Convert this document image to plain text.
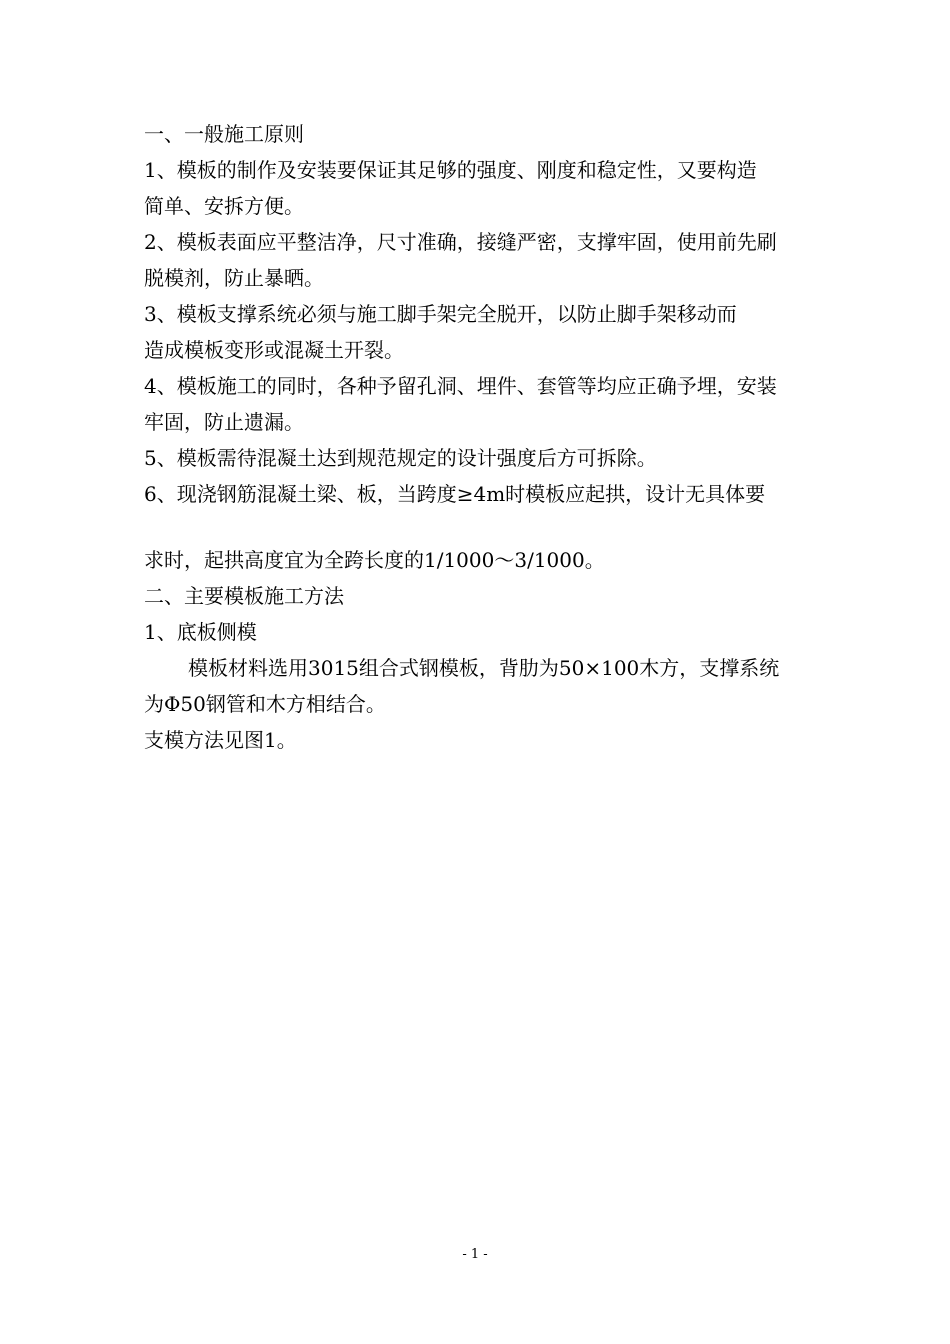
一、一般施工原则
1、模板的制作及安装要保证其足够的强度、刚度和稳定性，又要构造
简单、安拆方便。
2、模板表面应平整洁净，尺寸准确，接缝严密，支撑牢固，使用前先刷
脱模剂，防止暴晒。
3、模板支撑系统必须与施工脚手架完全脱开，以防止脚手架移动而
造成模板变形或混凝土开裂。
4、模板施工的同时，各种予留孔洞、埋件、套管等均应正确予埋，安装
牢固，防止遗漏。
5、模板需待混凝土达到规范规定的设计强度后方可拆除。
6、现浇钢筋混凝土梁、板，当跨度≥4m时模板应起拱，设计无具体要
求时，起拱高度宜为全跨长度的1/1000～3/1000。
二、主要模板施工方法
1、底板侧模
模板材料选用3015组合式钢模板，背肋为50×100木方，支撑系统
为Φ50钢管和木方相结合。
支模方法见图1。
- 1 -
